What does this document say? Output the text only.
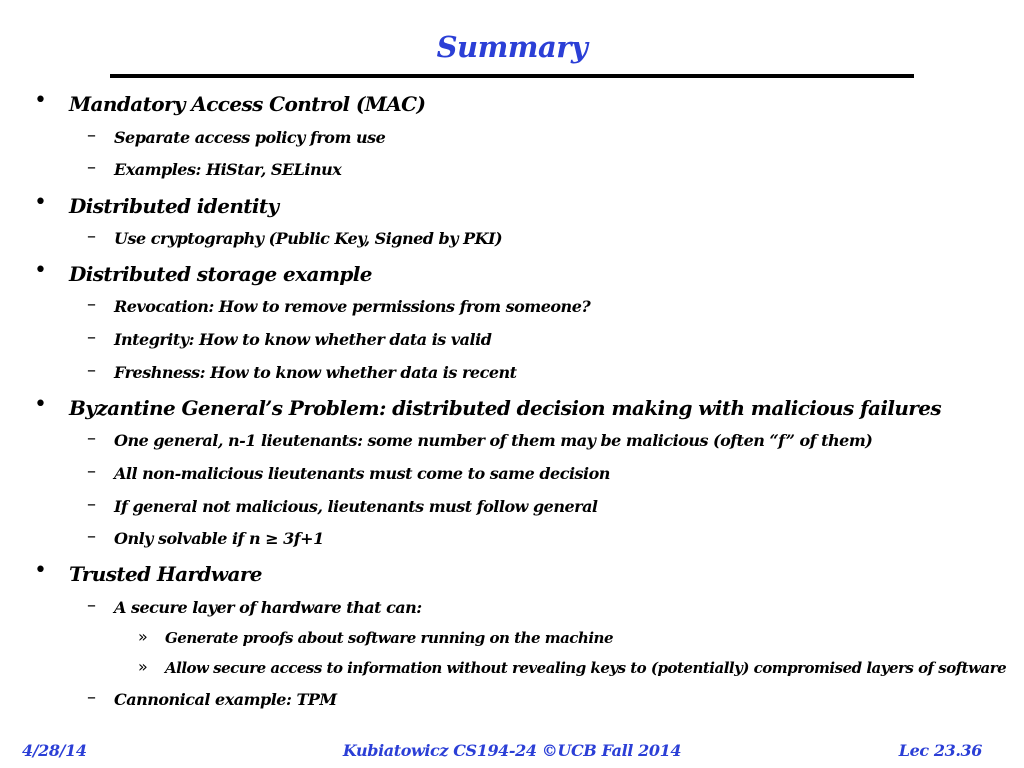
Summary
• Mandatory Access Control (MAC)
– Separate access policy from use
– Examples: HiStar, SELinux
• Distributed identity
– Use cryptography (Public Key, Signed by PKI)
• Distributed storage example
– Revocation: How to remove permissions from someone?
– Integrity: How to know whether data is valid
– Freshness: How to know whether data is recent
• Byzantine General’s Problem: distributed decision making with malicious failures
– One general, n-1 lieutenants: some number of them may be malicious (often “f” of them)
– All non-malicious lieutenants must come to same decision
– If general not malicious, lieutenants must follow general
– Only solvable if n ≥ 3f+1
• Trusted Hardware
– A secure layer of hardware that can:
» Generate proofs about software running on the machine
» Allow secure access to information without revealing keys to (potentially) compromised layers of software
– Cannonical example: TPM
4/28/14	Kubiatowicz CS194-24 ©UCB Fall 2014	Lec 23.36
